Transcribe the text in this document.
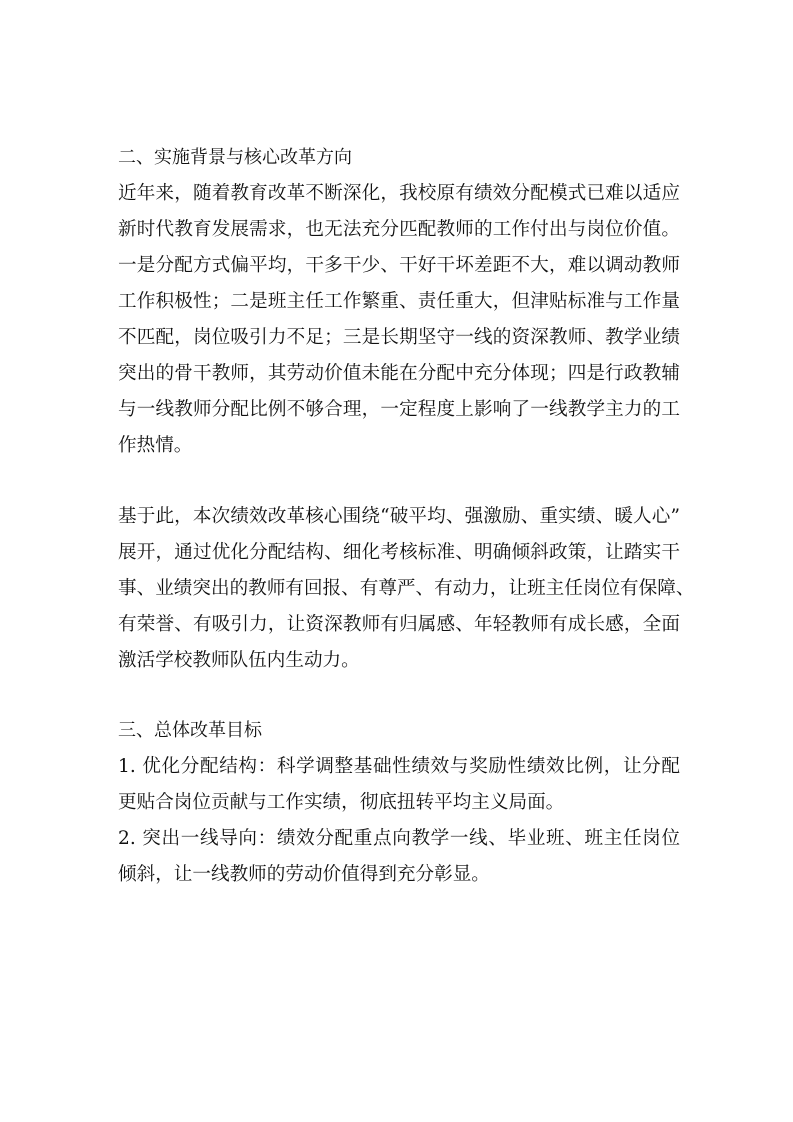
二、实施背景与核心改革方向

近年来，随着教育改革不断深化，我校原有绩效分配模式已难以适应

新时代教育发展需求，也无法充分匹配教师的工作付出与岗位价值。

一是分配方式偏平均，干多干少、干好干坏差距不大，难以调动教师

工作积极性；二是班主任工作繁重、责任重大，但津贴标准与工作量

不匹配，岗位吸引力不足；三是长期坚守一线的资深教师、教学业绩

突出的骨干教师，其劳动价值未能在分配中充分体现；四是行政教辅

与一线教师分配比例不够合理，一定程度上影响了一线教学主力的工

作热情。

基于此，本次绩效改革核心围绕“破平均、强激励、重实绩、暖人心”

展开，通过优化分配结构、细化考核标准、明确倾斜政策，让踏实干

事、业绩突出的教师有回报、有尊严、有动力，让班主任岗位有保障、

有荣誉、有吸引力，让资深教师有归属感、年轻教师有成长感，全面

激活学校教师队伍内生动力。

三、总体改革目标

1. 优化分配结构：科学调整基础性绩效与奖励性绩效比例，让分配

更贴合岗位贡献与工作实绩，彻底扭转平均主义局面。

2. 突出一线导向：绩效分配重点向教学一线、毕业班、班主任岗位

倾斜，让一线教师的劳动价值得到充分彰显。
